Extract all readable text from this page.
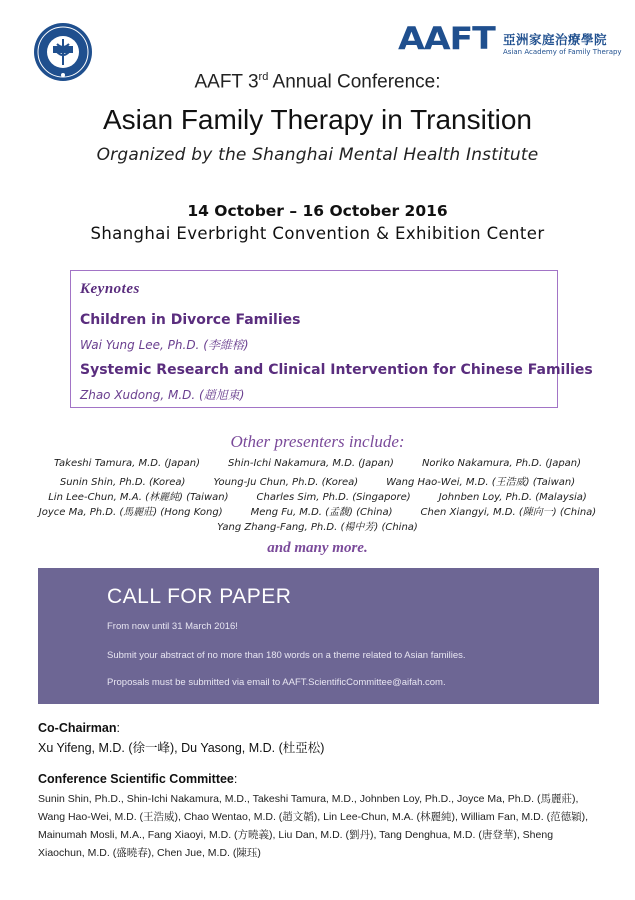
AAFT 亞洲家庭治療學院
Asian Academy of Family Therapy
AAFT 3rd Annual Conference:
Asian Family Therapy in Transition
Organized by the Shanghai Mental Health Institute
14 October – 16 October 2016
Shanghai Everbright Convention & Exhibition Center
Keynotes
Children in Divorce Families
Wai Yung Lee, Ph.D. (李維榕)
Systemic Research and Clinical Intervention for Chinese Families
Zhao Xudong, M.D. (趙旭東)
Other presenters include:
Takeshi Tamura, M.D. (Japan)	Shin-Ichi Nakamura, M.D. (Japan)	Noriko Nakamura, Ph.D. (Japan)
Sunin Shin, Ph.D. (Korea)	Young-Ju Chun, Ph.D. (Korea)	Wang Hao-Wei, M.D. (王浩威) (Taiwan)
Lin Lee-Chun, M.A. (林麗純) (Taiwan)	Charles Sim, Ph.D. (Singapore)	Johnben Loy, Ph.D. (Malaysia)
Joyce Ma, Ph.D. (馬麗莊) (Hong Kong)	Meng Fu, M.D. (孟馥) (China)	Chen Xiangyi, M.D. (陳向一) (China)
Yang Zhang-Fang, Ph.D. (楊中芳) (China)
and many more.
CALL FOR PAPER
From now until 31 March 2016!
Submit your abstract of no more than 180 words on a theme related to Asian families.
Proposals must be submitted via email to AAFT.ScientificCommittee@aifah.com.
Co-Chairman:
Xu Yifeng, M.D. (徐一峰), Du Yasong, M.D. (杜亞松)
Conference Scientific Committee:
Sunin Shin, Ph.D., Shin-Ichi Nakamura, M.D., Takeshi Tamura, M.D., Johnben Loy, Ph.D., Joyce Ma, Ph.D. (馬麗莊), Wang Hao-Wei, M.D. (王浩威), Chao Wentao, M.D. (趙文韜), Lin Lee-Chun, M.A. (林麗純), William Fan, M.D. (范德穎), Mainumah Mosli, M.A., Fang Xiaoyi, M.D. (方曉義), Liu Dan, M.D. (劉丹), Tang Denghua, M.D. (唐登華), Sheng Xiaochun, M.D. (盛曉春), Chen Jue, M.D. (陳珏)
